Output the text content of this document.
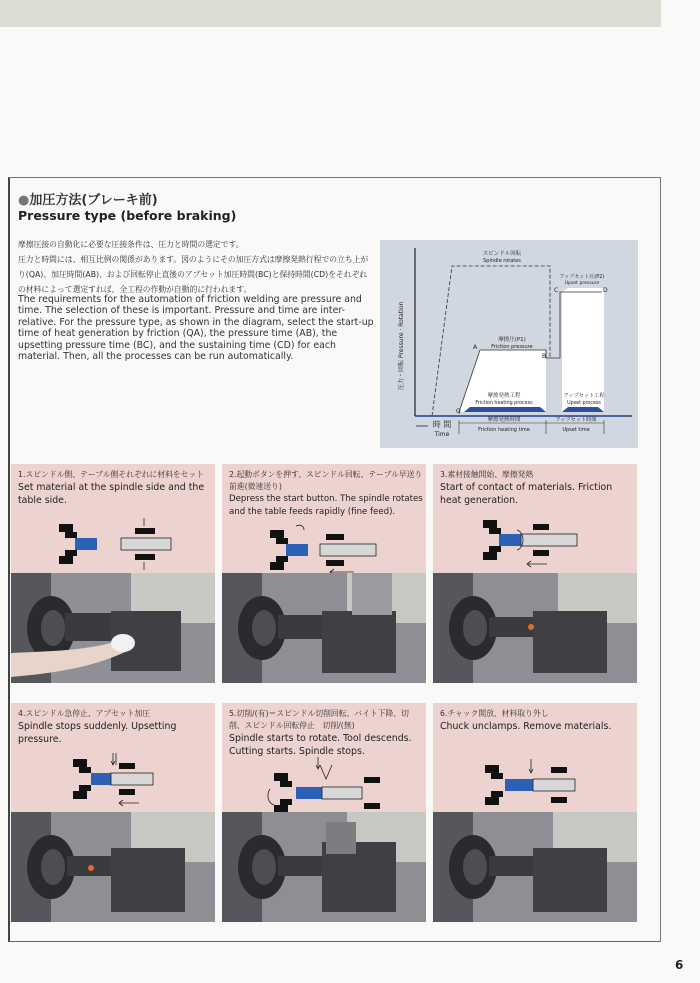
●加圧方法(ブレーキ前)
Pressure type (before braking)
摩擦圧接の自動化に必要な圧接条件は、圧力と時間の選定です。
圧力と時間には、相互比例の関係があります。図のようにその加圧方式は摩擦発熱行程での立ち上がり(QA)、加圧時間(AB)、および回転停止直後のアプセット加圧時間(BC)と保持時間(CD)をそれぞれの材料によって選定すれば、全工程の作動が自動的に行われます。
The requirements for the automation of friction welding are pressure and time. The selection of these is important. Pressure and time are inter-relative. For the pressure type, as shown in the diagram, select the start-up time of heat generation by friction (QA), the pressure time (AB), the upsetting pressure time (BC), and the sustaining time (CD) for each material. Then, all the processes can be run automatically.
スピンドル回転
Spindle rotates
アップセット圧(P2)
Upset pressure
摩擦圧(P1)
Friction pressure
摩擦発熱工程
Friction heating process
アップセット工程
Upset process
摩擦発熱時間
Friction heating time
アップセット時間
Upset time
Q
A
B
C	D
時 間
Time
圧力・回転 Pressure · Rotation
1.スピンドル側、テーブル側それぞれに材料をセット
Set material at the spindle side and the table side.
2.起動ボタンを押す、スピンドル回転、テーブル早送り前進(微速送り)
Depress the start button. The spindle rotates and the table feeds rapidly (fine feed).
3.素材接触開始、摩擦発熱
Start of contact of materials. Friction heat generation.
4.スピンドル急停止、アプセット加圧
Spindle stops suddenly. Upsetting pressure.
5.切削/(有)＝スピンドル切削回転、バイト下降、切削、スピンドル回転停止　切削/(無)
Spindle starts to rotate. Tool descends. Cutting starts. Spindle stops.
6.チャック開放、材料取り外し
Chuck unclamps. Remove materials.
6
